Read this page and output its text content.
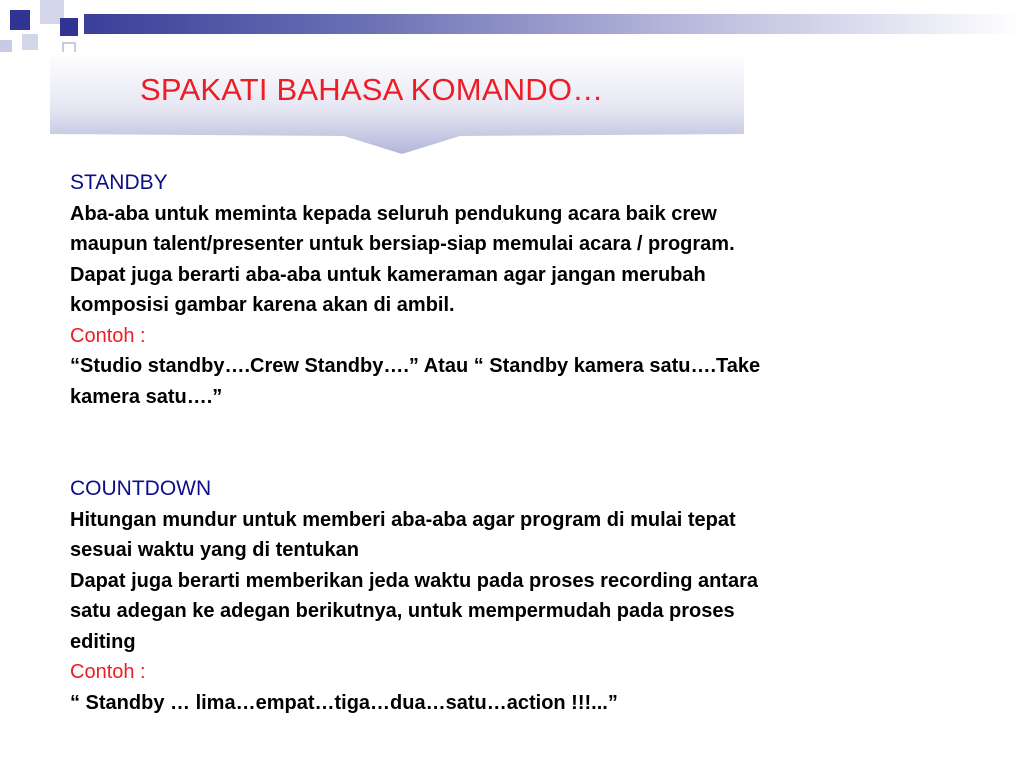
SPAKATI BAHASA KOMANDO…
STANDBY
Aba-aba untuk meminta kepada seluruh pendukung acara baik crew
maupun talent/presenter untuk bersiap-siap memulai acara / program.
Dapat juga berarti aba-aba untuk kameraman agar jangan merubah
komposisi gambar karena akan di ambil.
Contoh :
“Studio standby….Crew Standby….” Atau “ Standby kamera satu….Take
kamera satu….”
COUNTDOWN
Hitungan mundur untuk memberi aba-aba agar program di mulai tepat
sesuai waktu yang di tentukan
Dapat juga berarti memberikan jeda waktu pada proses recording antara
satu adegan ke adegan berikutnya, untuk mempermudah pada proses
editing
Contoh :
“ Standby … lima…empat…tiga…dua…satu…action !!!...”
